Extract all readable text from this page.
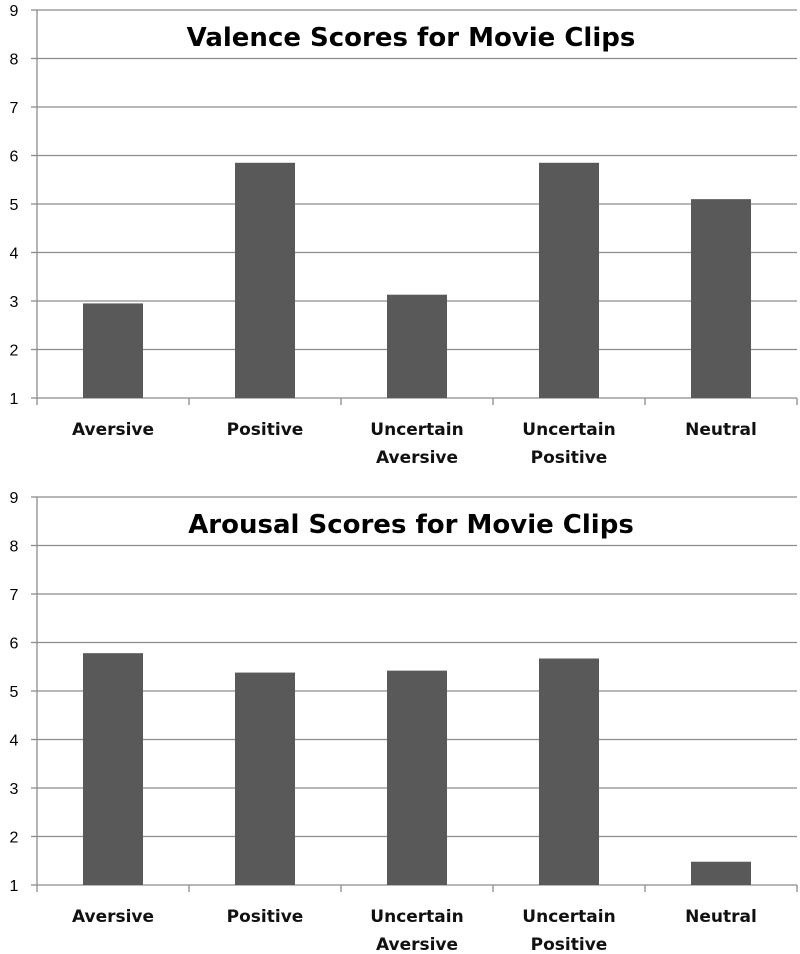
1
2
3
4
5
6
7
8
9
Aversive	Positive	Uncertain
Aversive
Uncertain
Positive
Neutral
Valence Scores for Movie Clips
1
2
3
4
5
6
7
8
9
Aversive	Positive	Uncertain
Aversive
Uncertain
Positive
Neutral
Arousal Scores for Movie Clips
